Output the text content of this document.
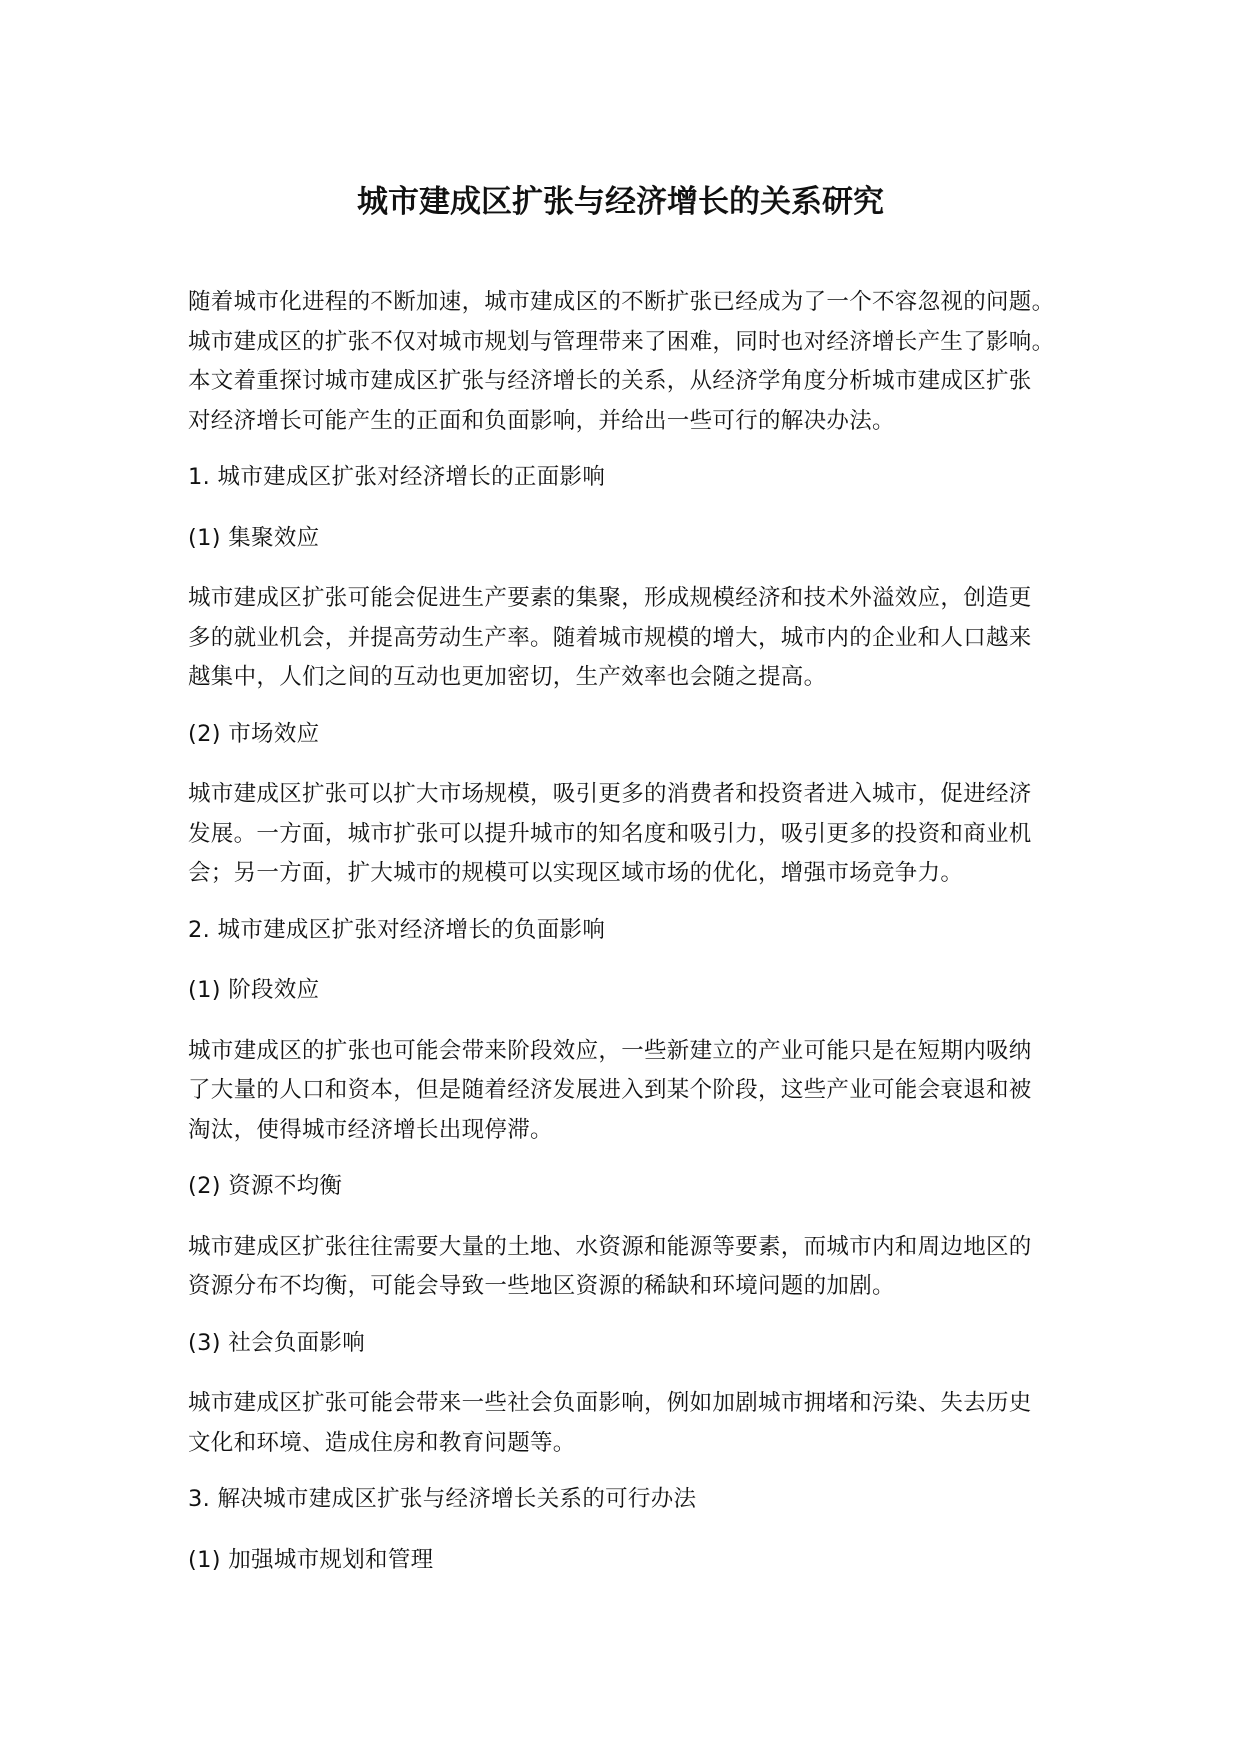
城市建成区扩张与经济增长的关系研究
随着城市化进程的不断加速，城市建成区的不断扩张已经成为了一个不容忽视的问题。
城市建成区的扩张不仅对城市规划与管理带来了困难，同时也对经济增长产生了影响。
本文着重探讨城市建成区扩张与经济增长的关系，从经济学角度分析城市建成区扩张
对经济增长可能产生的正面和负面影响，并给出一些可行的解决办法。
1. 城市建成区扩张对经济增长的正面影响
(1) 集聚效应
城市建成区扩张可能会促进生产要素的集聚，形成规模经济和技术外溢效应，创造更
多的就业机会，并提高劳动生产率。随着城市规模的增大，城市内的企业和人口越来
越集中，人们之间的互动也更加密切，生产效率也会随之提高。
(2) 市场效应
城市建成区扩张可以扩大市场规模，吸引更多的消费者和投资者进入城市，促进经济
发展。一方面，城市扩张可以提升城市的知名度和吸引力，吸引更多的投资和商业机
会；另一方面，扩大城市的规模可以实现区域市场的优化，增强市场竞争力。
2. 城市建成区扩张对经济增长的负面影响
(1) 阶段效应
城市建成区的扩张也可能会带来阶段效应，一些新建立的产业可能只是在短期内吸纳
了大量的人口和资本，但是随着经济发展进入到某个阶段，这些产业可能会衰退和被
淘汰，使得城市经济增长出现停滞。
(2) 资源不均衡
城市建成区扩张往往需要大量的土地、水资源和能源等要素，而城市内和周边地区的
资源分布不均衡，可能会导致一些地区资源的稀缺和环境问题的加剧。
(3) 社会负面影响
城市建成区扩张可能会带来一些社会负面影响，例如加剧城市拥堵和污染、失去历史
文化和环境、造成住房和教育问题等。
3. 解决城市建成区扩张与经济增长关系的可行办法
(1) 加强城市规划和管理
